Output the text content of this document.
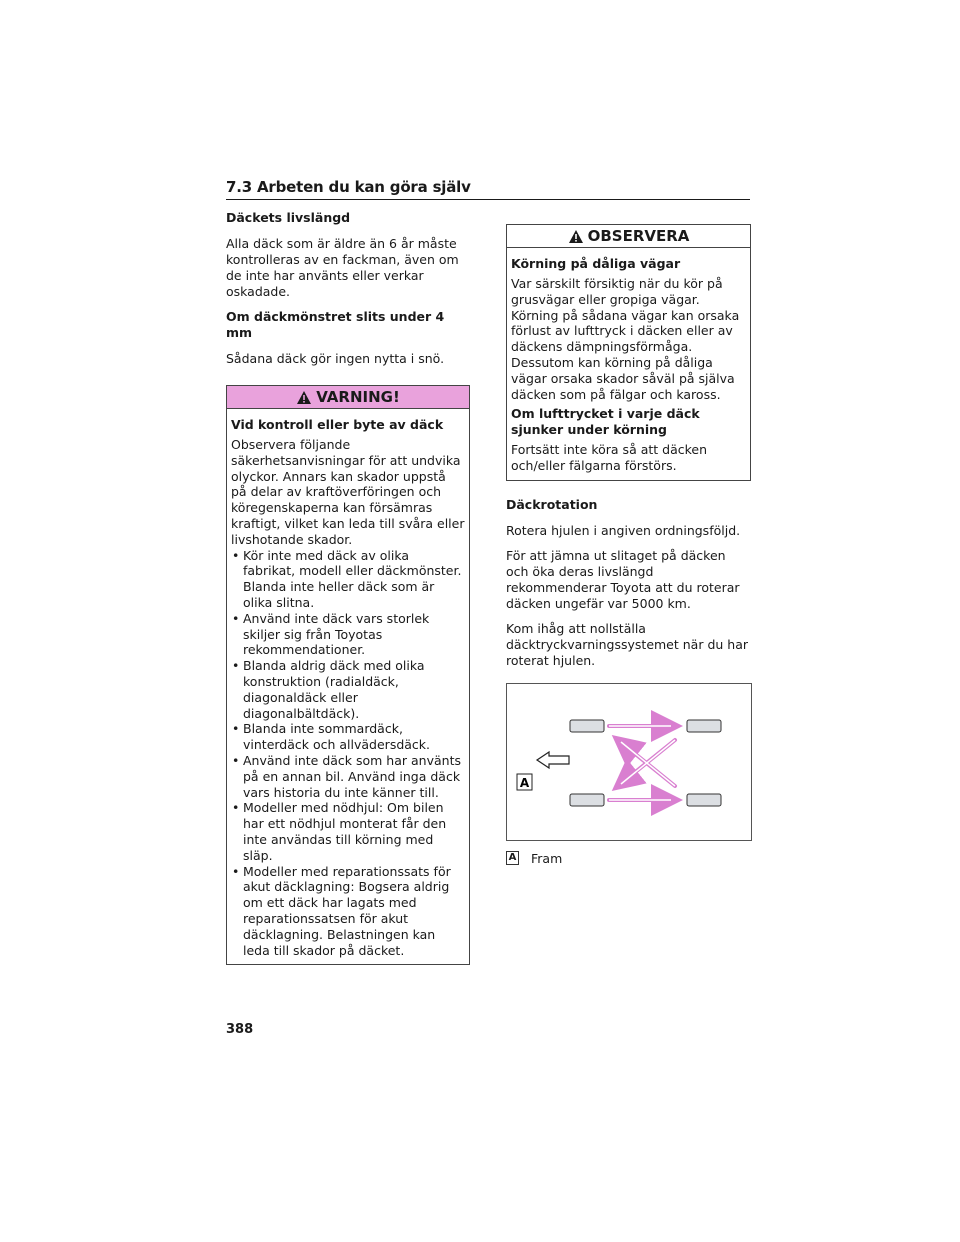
7.3 Arbeten du kan göra själv
Däckets livslängd

Alla däck som är äldre än 6 år måste kontrolleras av en fackman, även om de inte har använts eller verkar oskadade.

Om däckmönstret slits under 4 mm

Sådana däck gör ingen nytta i snö.

VARNING!
Vid kontroll eller byte av däck

Observera följande säkerhetsanvisningar för att undvika olyckor. Annars kan skador uppstå på delar av kraftöverföringen och köregenskaperna kan försämras kraftigt, vilket kan leda till svåra eller livshotande skador.

• Kör inte med däck av olika fabrikat, modell eller däckmönster. Blanda inte heller däck som är olika slitna.
• Använd inte däck vars storlek skiljer sig från Toyotas rekommendationer.
• Blanda aldrig däck med olika konstruktion (radialdäck, diagonaldäck eller diagonalbältdäck).
• Blanda inte sommardäck, vinterdäck och allvädersdäck.
• Använd inte däck som har använts på en annan bil. Använd inga däck vars historia du inte känner till.
• Modeller med nödhjul: Om bilen har ett nödhjul monterat får den inte användas till körning med släp.
• Modeller med reparationssats för akut däcklagning: Bogsera aldrig om ett däck har lagats med reparationssatsen för akut däcklagning. Belastningen kan leda till skador på däcket.
OBSERVERA
Körning på dåliga vägar

Var särskilt försiktig när du kör på grusvägar eller gropiga vägar. Körning på sådana vägar kan orsaka förlust av lufttryck i däcken eller av däckens dämpningsförmåga. Dessutom kan körning på dåliga vägar orsaka skador såväl på själva däcken som på fälgar och kaross.

Om lufttrycket i varje däck sjunker under körning

Fortsätt inte köra så att däcken och/eller fälgarna förstörs.

Däckrotation

Rotera hjulen i angiven ordningsföljd.

För att jämna ut slitaget på däcken och öka deras livslängd rekommenderar Toyota att du roterar däcken ungefär var 5000 km.

Kom ihåg att nollställa däcktryckvarningssystemet när du har roterat hjulen.

A
A Fram
388
